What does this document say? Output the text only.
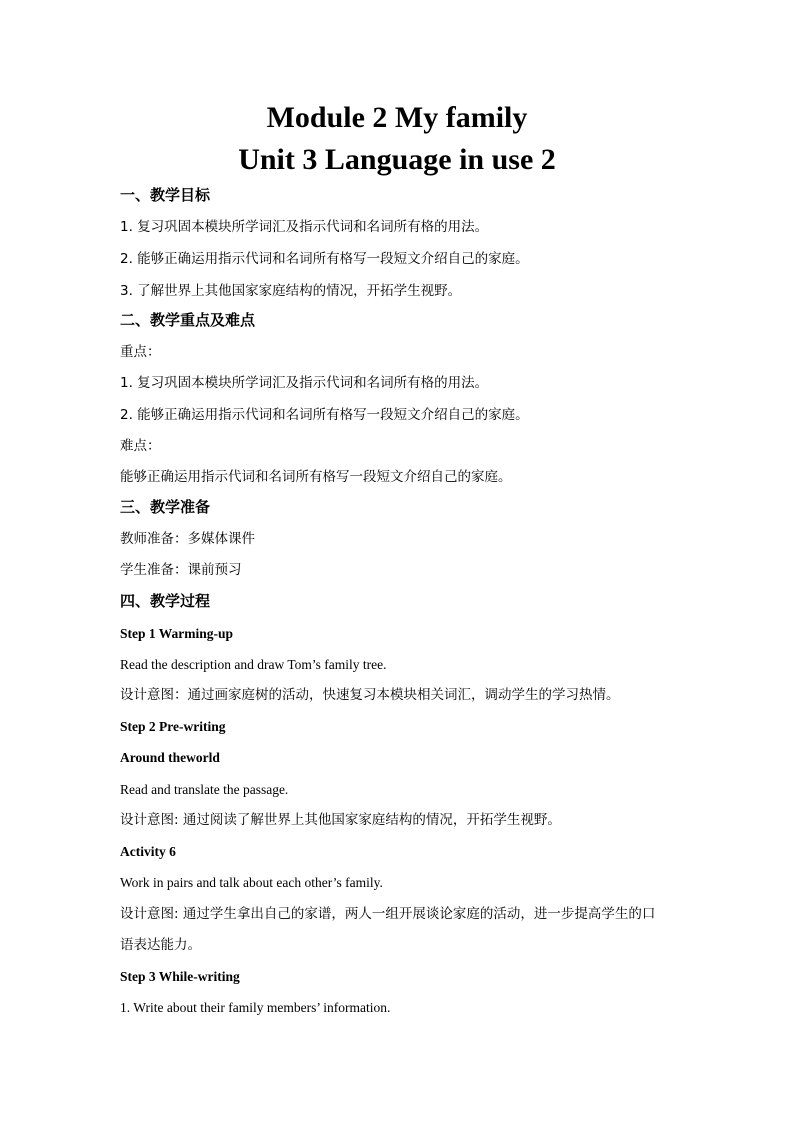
Module 2 My family
Unit 3 Language in use 2
一、教学目标
1. 复习巩固本模块所学词汇及指示代词和名词所有格的用法。
2. 能够正确运用指示代词和名词所有格写一段短文介绍自己的家庭。
3. 了解世界上其他国家家庭结构的情况，开拓学生视野。
二、教学重点及难点
重点：
1. 复习巩固本模块所学词汇及指示代词和名词所有格的用法。
2. 能够正确运用指示代词和名词所有格写一段短文介绍自己的家庭。
难点：
能够正确运用指示代词和名词所有格写一段短文介绍自己的家庭。
三、教学准备
教师准备：多媒体课件
学生准备：课前预习
四、教学过程
Step 1 Warming-up
Read the description and draw Tom’s family tree.
设计意图：通过画家庭树的活动，快速复习本模块相关词汇，调动学生的学习热情。
Step 2 Pre-writing
Around theworld
Read and translate the passage.
设计意图: 通过阅读了解世界上其他国家家庭结构的情况，开拓学生视野。
Activity 6
Work in pairs and talk about each other’s family.
设计意图: 通过学生拿出自己的家谱，两人一组开展谈论家庭的活动，进一步提高学生的口
语表达能力。
Step 3 While-writing
1. Write about their family members’ information.
